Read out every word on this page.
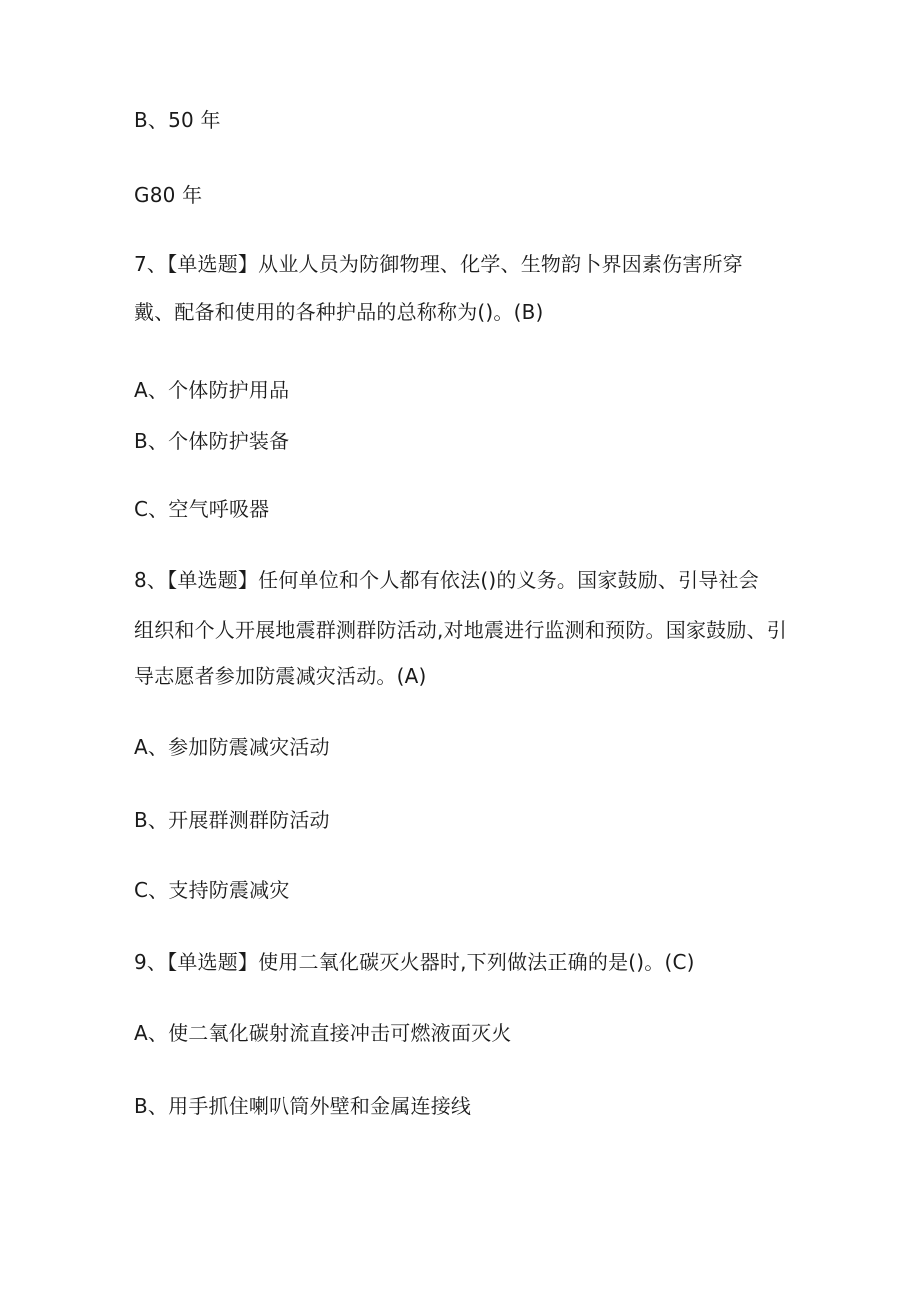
B、50 年
G80 年
7、【单选题】从业人员为防御物理、化学、生物韵卜界因素伤害所穿
戴、配备和使用的各种护品的总称称为()。(B)
A、个体防护用品
B、个体防护装备
C、空气呼吸器
8、【单选题】任何单位和个人都有依法()的义务。国家鼓励、引导社会
组织和个人开展地震群测群防活动,对地震进行监测和预防。国家鼓励、引
导志愿者参加防震减灾活动。(A)
A、参加防震减灾活动
B、开展群测群防活动
C、支持防震减灾
9、【单选题】使用二氧化碳灭火器时,下列做法正确的是()。(C)
A、使二氧化碳射流直接冲击可燃液面灭火
B、用手抓住喇叭筒外壁和金属连接线
